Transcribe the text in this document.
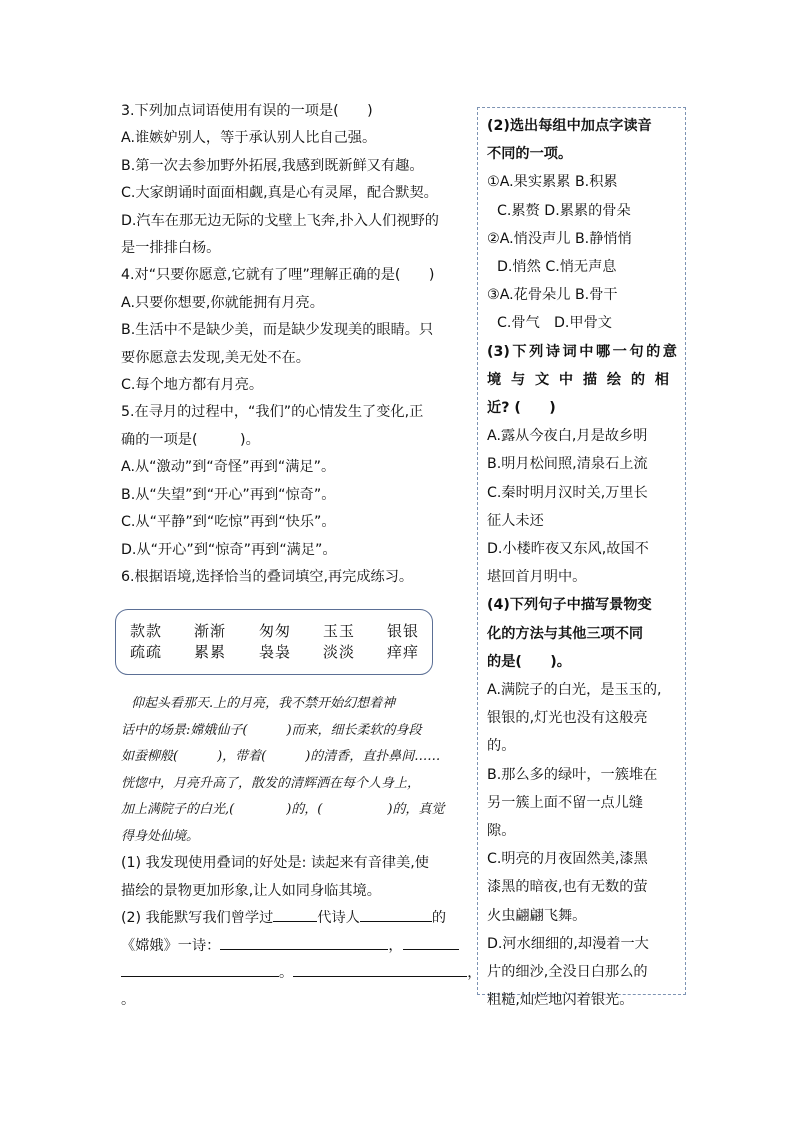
3.下列加点词语使用有误的一项是(　　)

A.谁嫉妒别人，等于承认别人比自己强。

B.第一次去参加野外拓展,我感到既新鲜又有趣。

C.大家朗诵时面面相觑,真是心有灵犀，配合默契。

D.汽车在那无边无际的戈壁上飞奔,扑入人们视野的

是一排排白杨。

4.对“只要你愿意,它就有了哩”理解正确的是(　　)

A.只要你想要,你就能拥有月亮。

B.生活中不是缺少美，而是缺少发现美的眼睛。只

要你愿意去发现,美无处不在。

C.每个地方都有月亮。

5.在寻月的过程中，“我们”的心情发生了变化,正

确的一项是(　　　)。

A.从“激动”到“奇怪”再到“满足”。

B.从“失望”到“开心”再到“惊奇”。

C.从“平静”到“吃惊”再到“快乐”。

D.从“开心”到“惊奇”再到“满足”。

6.根据语境,选择恰当的叠词填空,再完成练习。

款款 渐渐 匆匆 玉玉 银银
疏疏 累累 袅袅 淡淡 痒痒

仰起头看那天.上的月亮，我不禁开始幻想着神

话中的场景:嫦娥仙子(　　　)而来，细长柔软的身段

如蚕柳般(　　　)，带着(　　　)的清香，直扑鼻间……

恍惚中，月亮升高了，散发的清辉洒在每个人身上，

加上满院子的白光,(　　　　)的，(　　　　　)的，真觉

得身处仙境。

(1) 我发现使用叠词的好处是: 读起来有音律美,使

描绘的景物更加形象,让人如同身临其境。

(2) 我能默写我们曾学过	代诗人	的

《嫦娥》一诗：	，

。	，

。

(2)选出每组中加点字读音

不同的一项。

①A.果实累累 B.积累

C.累赘 D.累累的骨朵

②A.悄没声儿 B.静悄悄

D.悄然 C.悄无声息

③A.花骨朵儿 B.骨干

C.骨气　D.甲骨文

(3)下列诗词中哪一句的意

境与文中描绘的相

近? (　　)

A.露从今夜白,月是故乡明

B.明月松间照,清泉石上流

C.秦时明月汉时关,万里长

征人未还

D.小楼昨夜又东风,故国不

堪回首月明中。

(4)下列句子中描写景物变

化的方法与其他三项不同

的是(　　)。

A.满院子的白光，是玉玉的,

银银的,灯光也没有这般亮

的。

B.那么多的绿叶，一簇堆在

另一簇上面不留一点儿缝

隙。

C.明亮的月夜固然美,漆黑

漆黑的暗夜,也有无数的萤

火虫翩翩飞舞。

D.河水细细的,却漫着一大

片的细沙,全没日白那么的

粗糙,灿烂地闪着银光。
